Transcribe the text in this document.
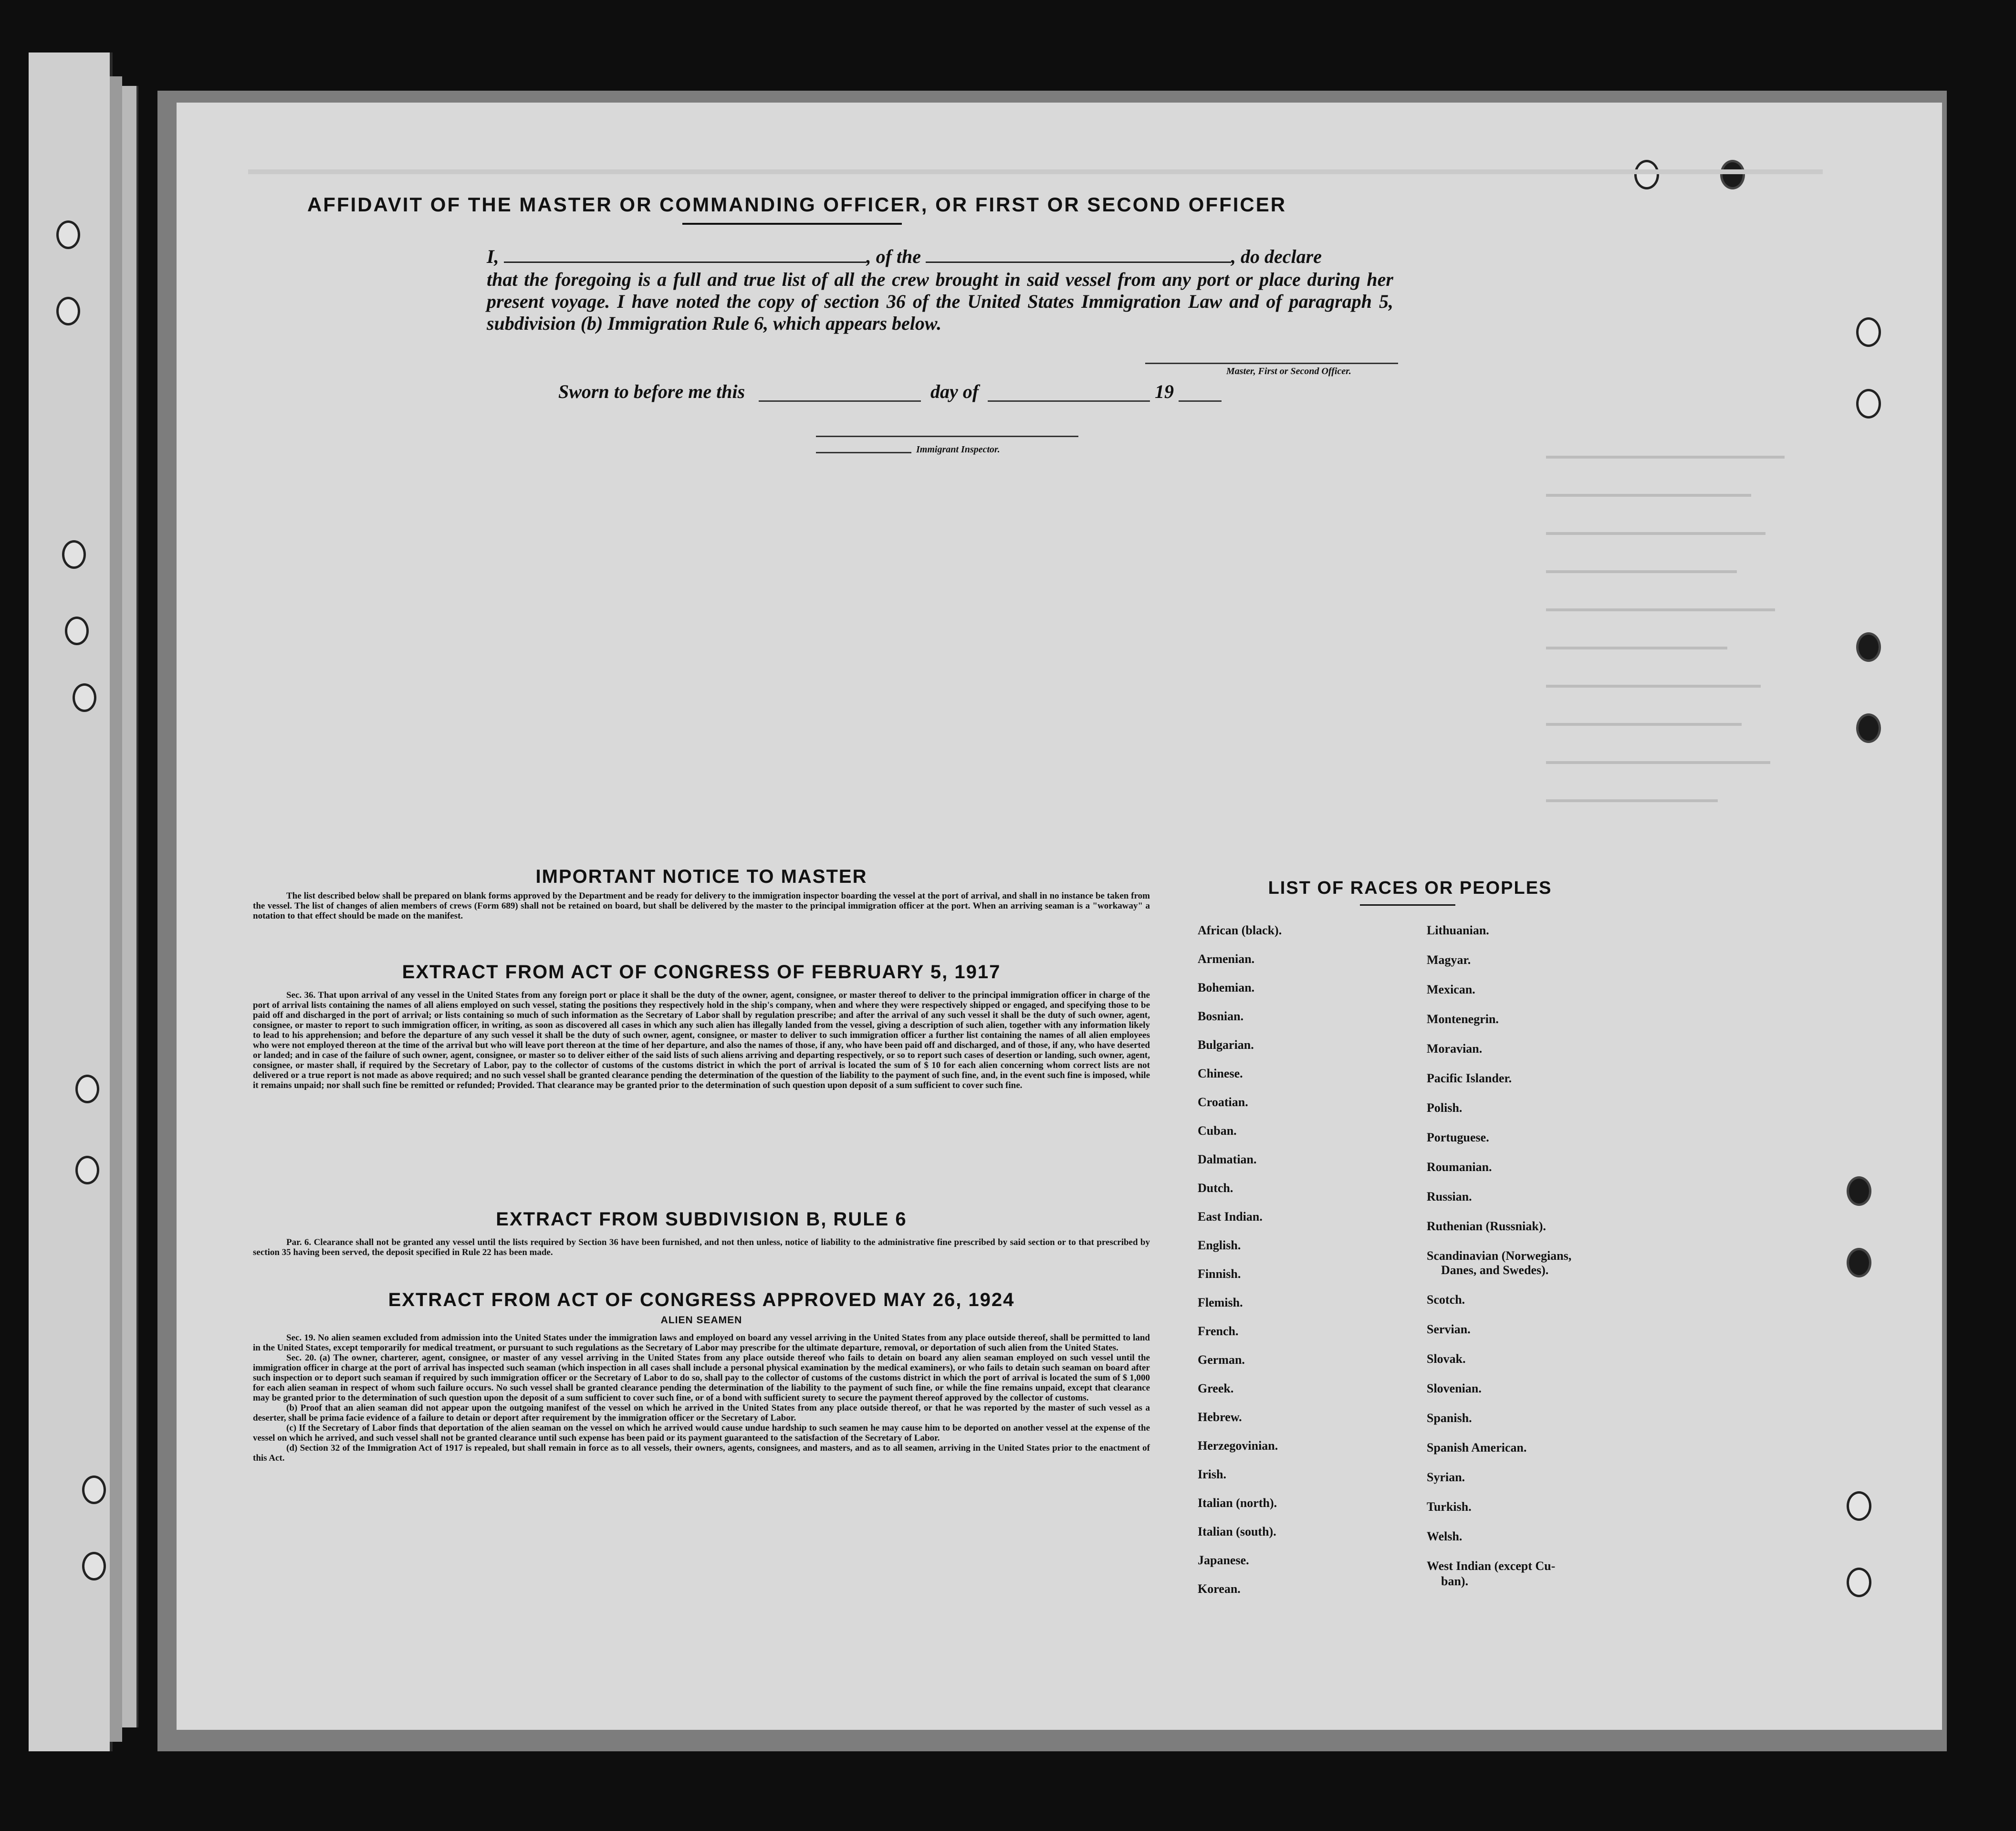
AFFIDAVIT OF THE MASTER OR COMMANDING OFFICER, OR FIRST OR SECOND OFFICER
I,	, of the	, do declare
that the foregoing is a full and true list of all the crew brought in said vessel from any port or place during her present voyage. I have noted the copy of section 36 of the United States Immigration Law and of paragraph 5, subdivision (b) Immigration Rule 6, which appears below.
Master, First or Second Officer.
Sworn to before me this	day of	19
Immigrant Inspector.
IMPORTANT NOTICE TO MASTER

The list described below shall be prepared on blank forms approved by the Department and be ready for delivery to the immigration inspector boarding the vessel at the port of arrival, and shall in no instance be taken from the vessel. The list of changes of alien members of crews (Form 689) shall not be retained on board, but shall be delivered by the master to the principal immigration officer at the port. When an arriving seaman is a "workaway" a notation to that effect should be made on the manifest.

EXTRACT FROM ACT OF CONGRESS OF FEBRUARY 5, 1917

Sec. 36. That upon arrival of any vessel in the United States from any foreign port or place it shall be the duty of the owner, agent, consignee, or master thereof to deliver to the principal immigration officer in charge of the port of arrival lists containing the names of all aliens employed on such vessel, stating the positions they respectively hold in the ship's company, when and where they were respectively shipped or engaged, and specifying those to be paid off and discharged in the port of arrival; or lists containing so much of such information as the Secretary of Labor shall by regulation prescribe; and after the arrival of any such vessel it shall be the duty of such owner, agent, consignee, or master to report to such immigration officer, in writing, as soon as discovered all cases in which any such alien has illegally landed from the vessel, giving a description of such alien, together with any information likely to lead to his apprehension; and before the departure of any such vessel it shall be the duty of such owner, agent, consignee, or master to deliver to such immigration officer a further list containing the names of all alien employees who were not employed thereon at the time of the arrival but who will leave port thereon at the time of her departure, and also the names of those, if any, who have been paid off and discharged, and of those, if any, who have deserted or landed; and in case of the failure of such owner, agent, consignee, or master so to deliver either of the said lists of such aliens arriving and departing respectively, or so to report such cases of desertion or landing, such owner, agent, consignee, or master shall, if required by the Secretary of Labor, pay to the collector of customs of the customs district in which the port of arrival is located the sum of $ 10 for each alien concerning whom correct lists are not delivered or a true report is not made as above required; and no such vessel shall be granted clearance pending the determination of the question of the liability to the payment of such fine, and, in the event such fine is imposed, while it remains unpaid; nor shall such fine be remitted or refunded; Provided. That clearance may be granted prior to the determination of such question upon deposit of a sum sufficient to cover such fine.

EXTRACT FROM SUBDIVISION B, RULE 6

Par. 6. Clearance shall not be granted any vessel until the lists required by Section 36 have been furnished, and not then unless, notice of liability to the administrative fine prescribed by said section or to that prescribed by section 35 having been served, the deposit specified in Rule 22 has been made.

EXTRACT FROM ACT OF CONGRESS APPROVED MAY 26, 1924
ALIEN SEAMEN

Sec. 19. No alien seamen excluded from admission into the United States under the immigration laws and employed on board any vessel arriving in the United States from any place outside thereof, shall be permitted to land in the United States, except temporarily for medical treatment, or pursuant to such regulations as the Secretary of Labor may prescribe for the ultimate departure, removal, or deportation of such alien from the United States.

Sec. 20. (a) The owner, charterer, agent, consignee, or master of any vessel arriving in the United States from any place outside thereof who fails to detain on board any alien seaman employed on such vessel until the immigration officer in charge at the port of arrival has inspected such seaman (which inspection in all cases shall include a personal physical examination by the medical examiners), or who fails to detain such seaman on board after such inspection or to deport such seaman if required by such immigration officer or the Secretary of Labor to do so, shall pay to the collector of customs of the customs district in which the port of arrival is located the sum of $ 1,000 for each alien seaman in respect of whom such failure occurs. No such vessel shall be granted clearance pending the determination of the liability to the payment of such fine, or while the fine remains unpaid, except that clearance may be granted prior to the determination of such question upon the deposit of a sum sufficient to cover such fine, or of a bond with sufficient surety to secure the payment thereof approved by the collector of customs.

(b) Proof that an alien seaman did not appear upon the outgoing manifest of the vessel on which he arrived in the United States from any place outside thereof, or that he was reported by the master of such vessel as a deserter, shall be prima facie evidence of a failure to detain or deport after requirement by the immigration officer or the Secretary of Labor.

(c) If the Secretary of Labor finds that deportation of the alien seaman on the vessel on which he arrived would cause undue hardship to such seamen he may cause him to be deported on another vessel at the expense of the vessel on which he arrived, and such vessel shall not be granted clearance until such expense has been paid or its payment guaranteed to the satisfaction of the Secretary of Labor.

(d) Section 32 of the Immigration Act of 1917 is repealed, but shall remain in force as to all vessels, their owners, agents, consignees, and masters, and as to all seamen, arriving in the United States prior to the enactment of this Act.

LIST OF RACES OR PEOPLES
African (black).
Armenian.
Bohemian.
Bosnian.
Bulgarian.
Chinese.
Croatian.
Cuban.
Dalmatian.
Dutch.
East Indian.
English.
Finnish.
Flemish.
French.
German.
Greek.
Hebrew.
Herzegovinian.
Irish.
Italian (north).
Italian (south).
Japanese.
Korean.
Lithuanian.
Magyar.
Mexican.
Montenegrin.
Moravian.
Pacific Islander.
Polish.
Portuguese.
Roumanian.
Russian.
Ruthenian (Russniak).
Scandinavian (Norwegians,
Danes, and Swedes).
Scotch.
Servian.
Slovak.
Slovenian.
Spanish.
Spanish American.
Syrian.
Turkish.
Welsh.
West Indian (except Cu-
ban).
